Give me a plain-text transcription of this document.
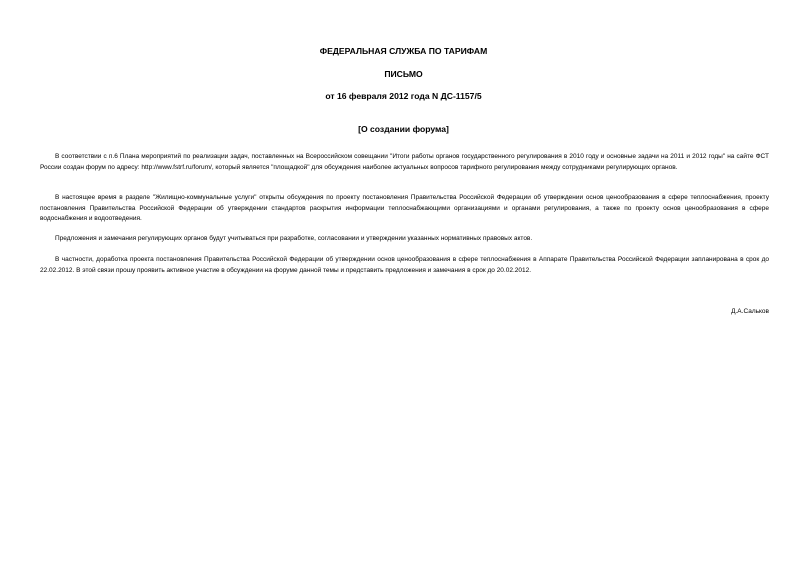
ФЕДЕРАЛЬНАЯ СЛУЖБА ПО ТАРИФАМ
ПИСЬМО
от 16 февраля 2012 года N ДС-1157/5
[О создании форума]

В соответствии с п.6 Плана мероприятий по реализации задач, поставленных на Всероссийском совещании "Итоги работы органов государственного регулирования в 2010 году и основные задачи на 2011 и 2012 годы" на сайте ФСТ России создан форум по адресу: http://www.fstrf.ru/forum/, который является "площадкой" для обсуждения наиболее актуальных вопросов тарифного регулирования между сотрудниками регулирующих органов.

В настоящее время в разделе "Жилищно-коммунальные услуги" открыты обсуждения по проекту постановления Правительства Российской Федерации об утверждении основ ценообразования в сфере теплоснабжения, проекту постановления Правительства Российской Федерации об утверждении стандартов раскрытия информации теплоснабжающими организациями и органами регулирования, а также по проекту основ ценообразования в сфере водоснабжения и водоотведения.

Предложения и замечания регулирующих органов будут учитываться при разработке, согласовании и утверждении указанных нормативных правовых актов.

В частности, доработка проекта постановления Правительства Российской Федерации об утверждении основ ценообразования в сфере теплоснабжения в Аппарате Правительства Российской Федерации запланирована в срок до 22.02.2012. В этой связи прошу проявить активное участие в обсуждении на форуме данной темы и представить предложения и замечания в срок до 20.02.2012.

Д.А.Сальков
